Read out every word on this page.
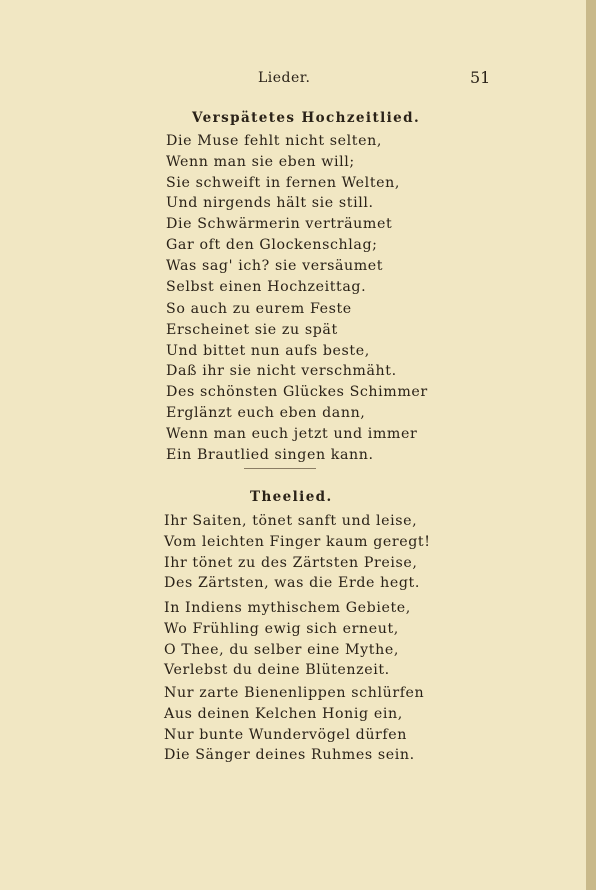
Lieder.	51
Verspätetes Hochzeitlied.
Die Muse fehlt nicht selten,
Wenn man sie eben will;
Sie schweift in fernen Welten,
Und nirgends hält sie still.
Die Schwärmerin verträumet
Gar oft den Glockenschlag;
Was sag' ich? sie versäumet
Selbst einen Hochzeittag.
So auch zu eurem Feste
Erscheinet sie zu spät
Und bittet nun aufs beste,
Daß ihr sie nicht verschmäht.
Des schönsten Glückes Schimmer
Erglänzt euch eben dann,
Wenn man euch jetzt und immer
Ein Brautlied singen kann.
Theelied.
Ihr Saiten, tönet sanft und leise,
Vom leichten Finger kaum geregt!
Ihr tönet zu des Zärtsten Preise,
Des Zärtsten, was die Erde hegt.
In Indiens mythischem Gebiete,
Wo Frühling ewig sich erneut,
O Thee, du selber eine Mythe,
Verlebst du deine Blütenzeit.
Nur zarte Bienenlippen schlürfen
Aus deinen Kelchen Honig ein,
Nur bunte Wundervögel dürfen
Die Sänger deines Ruhmes sein.
